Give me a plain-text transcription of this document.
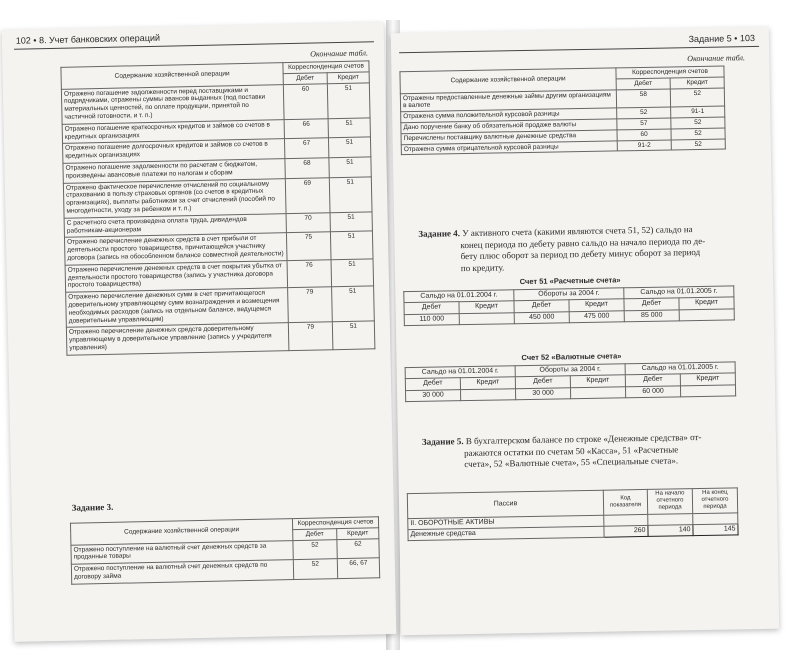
102 • 8. Учет банковских операций
Окончание табл.
Содержание хозяйственной операции	Корреспонденция счетов	
	Дебет	Кредит
Отражено погашение задолженности перед поставщиками и подрядчиками, отражены суммы авансов выданных (под поставки материальных ценностей, по оплате продукции, принятой по частичной готовности, и т. п.)	60	51
Отражено погашение краткосрочных кредитов и займов со счетов в кредитных организациях	66	51
Отражено погашение долгосрочных кредитов и займов со счетов в кредитных организациях	67	51
Отражено погашение задолженности по расчетам с бюджетом, произведены авансовые платежи по налогам и сборам	68	51
Отражено фактическое перечисление отчислений по социальному страхованию в пользу страховых органов (со счетов в кредитных организациях), выплаты работникам за счет отчислений (пособий по многодетности, уходу за ребенком и т. п.)	69	51
С расчетного счета произведена оплата труда, дивидендов работникам-акционерам	70	51
Отражено перечисление денежных средств в счет прибыли от деятельности простого товарищества, причитающейся участнику договора (запись на обособленном балансе совместной деятельности)	75	51
Отражено перечисление денежных средств в счет покрытия убытка от деятельности простого товарищества (запись у участника договора простого товарищества)	76	51
Отражено перечисление денежных сумм в счет причитающегося доверительному управляющему сумм вознаграждения и возмещения необходимых расходов (запись на отдельном балансе, ведущемся доверительным управляющим)	79	51
Отражено перечисление денежных средств доверительному управляющему в доверительное управление (запись у учредителя управления)	79	51
Задание 3.
Содержание хозяйственной операции	Корреспонденция счетов	
	Дебет	Кредит
Отражено поступление на валютный счет денежных средств за проданные товары	52	62
Отражено поступление на валютный счет денежных средств по договору займа	52	66, 67
Задание 5 • 103
Окончание табл.
Содержание хозяйственной операции	Корреспонденция счетов	
	Дебет	Кредит
Отражены предоставленные денежные займы другим организациям в валюте	58	52
Отражена сумма положительной курсовой разницы	52	91-1
Дано поручение банку об обязательной продаже валюты	57	52
Перечислены поставщику валютные денежные средства	60	52
Отражена сумма отрицательной курсовой разницы	91-2	52
Задание 4. У активного счета (какими являются счета 51, 52) сальдо на
конец периода по дебету равно сальдо на начало периода по де-
бету плюс оборот за период по дебету минус оборот за период
по кредиту.
Счет 51 «Расчетные счета»
Сальдо на 01.01.2004 г.		Обороты за 2004 г.		Сальдо на 01.01.2005 г.	
Дебет	Кредит	Дебет	Кредит	Дебет	Кредит
110 000		450 000	475 000	85 000	
Счет 52 «Валютные счета»
Сальдо на 01.01.2004 г.		Обороты за 2004 г.		Сальдо на 01.01.2005 г.	
Дебет	Кредит	Дебет	Кредит	Дебет	Кредит
30 000		30 000		60 000	
Задание 5. В бухгалтерском балансе по строке «Денежные средства» от-
ражаются остатки по счетам 50 «Касса», 51 «Расчетные
счета», 52 «Валютные счета», 55 «Специальные счета».
Пассив	Код показателя	На начало отчетного периода	На конец отчетного периода
II. ОБОРОТНЫЕ АКТИВЫ			
Денежные средства	260	140	145
